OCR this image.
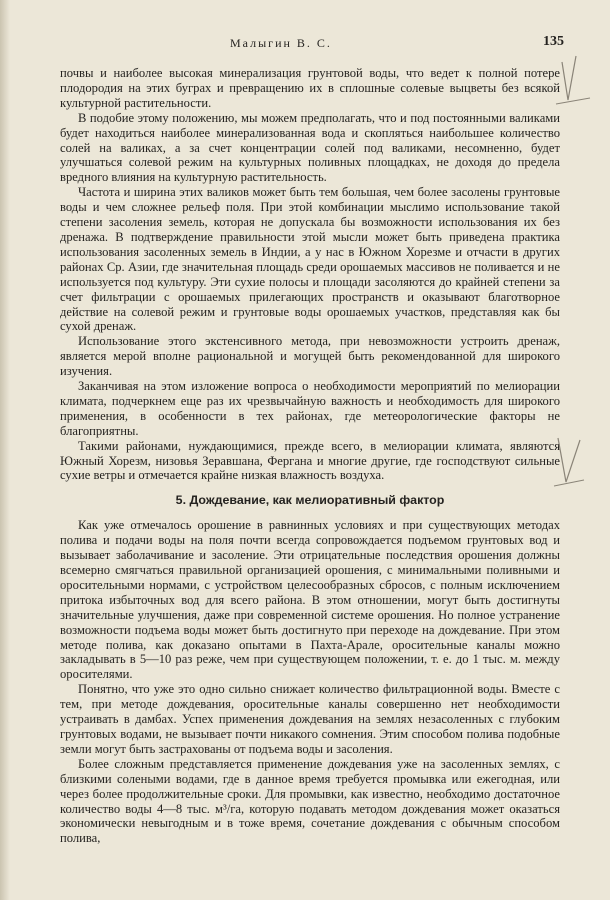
Малыгин В. С.	135

почвы и наиболее высокая минерализация грунтовой воды, что ведет к полной потере плодородия на этих буграх и превращению их в сплошные солевые выцветы без всякой культурной растительности.

В подобие этому положению, мы можем предполагать, что и под постоянными валиками будет находиться наиболее минерализованная вода и скопляться наибольшее количество солей на валиках, а за счет концентрации солей под валиками, несомненно, будет улучшаться солевой режим на культурных поливных площадках, не доходя до предела вредного влияния на культурную растительность.

Частота и ширина этих валиков может быть тем большая, чем более засолены грунтовые воды и чем сложнее рельеф поля. При этой комбинации мыслимо использование такой степени засоления земель, которая не допускала бы возможности использования их без дренажа. В подтверждение правильности этой мысли может быть приведена практика использования засоленных земель в Индии, а у нас в Южном Хорезме и отчасти в других районах Ср. Азии, где значительная площадь среди орошаемых массивов не поливается и не используется под культуру. Эти сухие полосы и площади засоляются до крайней степени за счет фильтрации с орошаемых прилегающих пространств и оказывают благотворное действие на солевой режим и грунтовые воды орошаемых участков, представляя как бы сухой дренаж.

Использование этого экстенсивного метода, при невозможности устроить дренаж, является мерой вполне рациональной и могущей быть рекомендованной для широкого изучения.

Заканчивая на этом изложение вопроса о необходимости мероприятий по мелиорации климата, подчеркнем еще раз их чрезвычайную важность и необходимость для широкого применения, в особенности в тех районах, где метеорологические факторы не благоприятны.

Такими районами, нуждающимися, прежде всего, в мелиорации климата, являются Южный Хорезм, низовья Зеравшана, Фергана и многие другие, где господствуют сильные сухие ветры и отмечается крайне низкая влажность воздуха.

5. Дождевание, как мелиоративный фактор

Как уже отмечалось орошение в равнинных условиях и при существующих методах полива и подачи воды на поля почти всегда сопровождается подъемом грунтовых вод и вызывает заболачивание и засоление. Эти отрицательные последствия орошения должны всемерно смягчаться правильной организацией орошения, с минимальными поливными и оросительными нормами, с устройством целесообразных сбросов, с полным исключением притока избыточных вод для всего района. В этом отношении, могут быть достигнуты значительные улучшения, даже при современной системе орошения. Но полное устранение возможности подъема воды может быть достигнуто при переходе на дождевание. При этом методе полива, как доказано опытами в Пахта-Арале, оросительные каналы можно закладывать в 5—10 раз реже, чем при существующем положении, т. е. до 1 тыс. м. между оросителями.

Понятно, что уже это одно сильно снижает количество фильтрационной воды. Вместе с тем, при методе дождевания, оросительные каналы совершенно нет необходимости устраивать в дамбах. Успех применения дождевания на землях незасоленных с глубоким грунтовых водами, не вызывает почти никакого сомнения. Этим способом полива подобные земли могут быть застрахованы от подъема воды и засоления.

Более сложным представляется применение дождевания уже на засоленных землях, с близкими солеными водами, где в данное время требуется промывка или ежегодная, или через более продолжительные сроки. Для промывки, как известно, необходимо достаточное количество воды 4—8 тыс. м³/га, которую подавать методом дождевания может оказаться экономически невыгодным и в тоже время, сочетание дождевания с обычным способом полива,
